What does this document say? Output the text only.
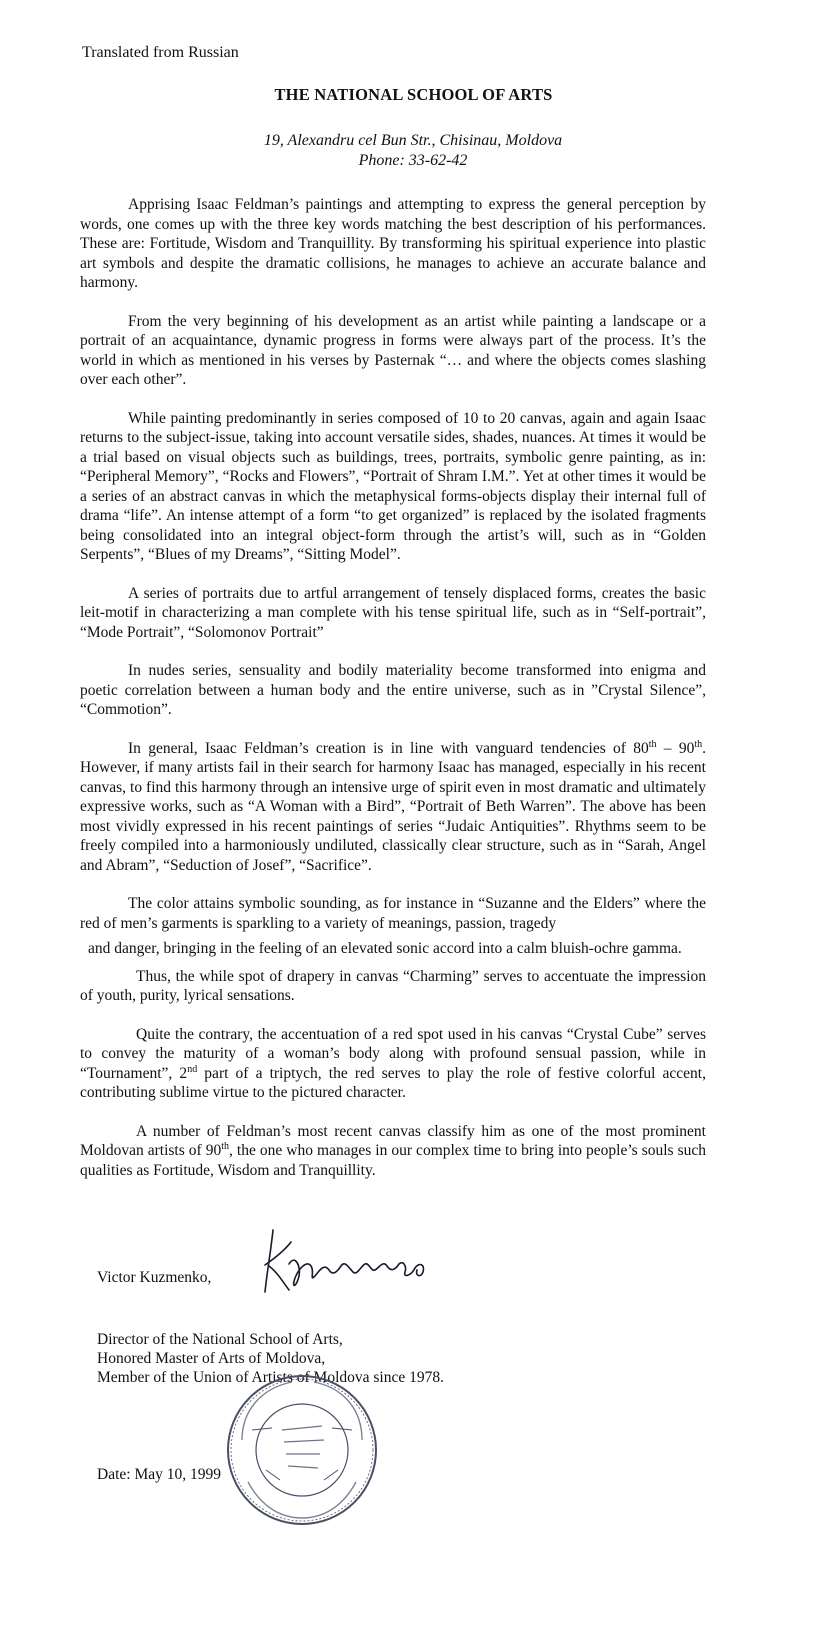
Translated from Russian
THE NATIONAL SCHOOL OF ARTS
19, Alexandru cel Bun Str., Chisinau, Moldova
Phone: 33-62-42

Apprising Isaac Feldman’s paintings and attempting to express the general perception by words, one comes up with the three key words matching the best description of his performances. These are: Fortitude, Wisdom and Tranquillity. By transforming his spiritual experience into plastic art symbols and despite the dramatic collisions, he manages to achieve an accurate balance and harmony.

From the very beginning of his development as an artist while painting a landscape or a portrait of an acquaintance, dynamic progress in forms were always part of the process. It’s the world in which as mentioned in his verses by Pasternak “… and where the objects comes slashing over each other”.

While painting predominantly in series composed of 10 to 20 canvas, again and again Isaac returns to the subject-issue, taking into account versatile sides, shades, nuances. At times it would be a trial based on visual objects such as buildings, trees, portraits, symbolic genre painting, as in: “Peripheral Memory”, “Rocks and Flowers”, “Portrait of Shram I.M.”. Yet at other times it would be a series of an abstract canvas in which the metaphysical forms-objects display their internal full of drama “life”. An intense attempt of a form “to get organized” is replaced by the isolated fragments being consolidated into an integral object-form through the artist’s will, such as in “Golden Serpents”, “Blues of my Dreams”, “Sitting Model”.

A series of portraits due to artful arrangement of tensely displaced forms, creates the basic leit-motif in characterizing a man complete with his tense spiritual life, such as in “Self-portrait”, “Mode Portrait”, “Solomonov Portrait”

In nudes series, sensuality and bodily materiality become transformed into enigma and poetic correlation between a human body and the entire universe, such as in ”Crystal Silence”, “Commotion”.

In general, Isaac Feldman’s creation is in line with vanguard tendencies of 80th – 90th. However, if many artists fail in their search for harmony Isaac has managed, especially in his recent canvas, to find this harmony through an intensive urge of spirit even in most dramatic and ultimately expressive works, such as “A Woman with a Bird”, “Portrait of Beth Warren”. The above has been most vividly expressed in his recent paintings of series “Judaic Antiquities”. Rhythms seem to be freely compiled into a harmoniously undiluted, classically clear structure, such as in “Sarah, Angel and Abram”, “Seduction of Josef”, “Sacrifice”.

The color attains symbolic sounding, as for instance in “Suzanne and the Elders” where the red of men’s garments is sparkling to a variety of meanings, passion, tragedy

and danger, bringing in the feeling of an elevated sonic accord into a calm bluish-ochre gamma.

Thus, the while spot of drapery in canvas “Charming” serves to accentuate the impression of youth, purity, lyrical sensations.

Quite the contrary, the accentuation of a red spot used in his canvas “Crystal Cube” serves to convey the maturity of a woman’s body along with profound sensual passion, while in “Tournament”, 2nd part of a triptych, the red serves to play the role of festive colorful accent, contributing sublime virtue to the pictured character.

A number of Feldman’s most recent canvas classify him as one of the most prominent Moldovan artists of 90th, the one who manages in our complex time to bring into people’s souls such qualities as Fortitude, Wisdom and Tranquillity.

Victor Kuzmenko,
Director of the National School of Arts,
Honored Master of Arts of Moldova,
Member of the Union of Artists of Moldova since 1978.
Date: May 10, 1999
